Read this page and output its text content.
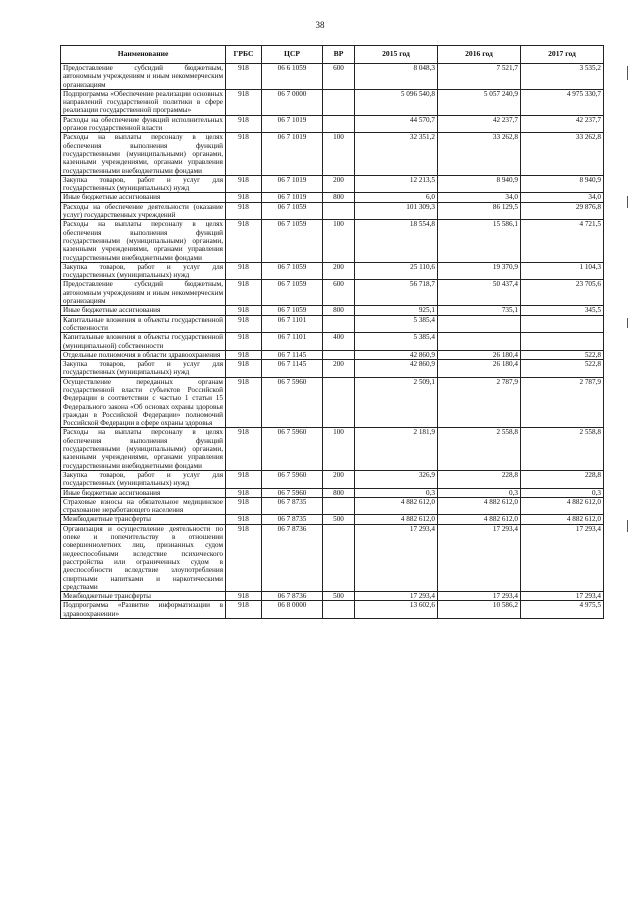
38
Наименование	ГРБС	ЦСР	ВР	2015 год	2016 год	2017 год
Предоставление субсидий бюджетным, автономным учреждениям и иным некоммерческим организациям	918	06 6 1059	600	8 048,3	7 521,7	3 535,2
Подпрограмма «Обеспечение реализации основных направлений государственной политики в сфере реализации государственной программы»	918	06 7 0000		5 096 540,8	5 057 240,9	4 975 330,7
Расходы на обеспечение функций исполнительных органов государственной власти	918	06 7 1019		44 570,7	42 237,7	42 237,7
Расходы на выплаты персоналу в целях обеспечения выполнения функций государственными (муниципальными) органами, казенными учреждениями, органами управления государственными внебюджетными фондами	918	06 7 1019	100	32 351,2	33 262,8	33 262,8
Закупка товаров, работ и услуг для государственных (муниципальных) нужд	918	06 7 1019	200	12 213,5	8 940,9	8 940,9
Иные бюджетные ассигнования	918	06 7 1019	800	6,0	34,0	34,0
Расходы на обеспечение деятельности (оказание услуг) государственных учреждений	918	06 7 1059		101 309,3	86 129,5	29 876,8
Расходы на выплаты персоналу в целях обеспечения выполнения функций государственными (муниципальными) органами, казенными учреждениями, органами управления государственными внебюджетными фондами	918	06 7 1059	100	18 554,8	15 586,1	4 721,5
Закупка товаров, работ и услуг для государственных (муниципальных) нужд	918	06 7 1059	200	25 110,6	19 370,9	1 104,3
Предоставление субсидий бюджетным, автономным учреждениям и иным некоммерческим организациям	918	06 7 1059	600	56 718,7	50 437,4	23 705,6
Иные бюджетные ассигнования	918	06 7 1059	800	925,1	735,1	345,5
Капитальные вложения в объекты государственной собственности	918	06 7 1101		5 385,4		
Капитальные вложения в объекты государственной (муниципальной) собственности	918	06 7 1101	400	5 385,4		
Отдельные полномочия в области здравоохранения	918	06 7 1145		42 860,9	26 180,4	522,8
Закупка товаров, работ и услуг для государственных (муниципальных) нужд	918	06 7 1145	200	42 860,9	26 180,4	522,8
Осуществление переданных органам государственной власти субъектов Российской Федерации в соответствии с частью 1 статьи 15 Федерального закона «Об основах охраны здоровья граждан в Российской Федерации» полномочий Российской Федерации в сфере охраны здоровья	918	06 7 5960		2 509,1	2 787,9	2 787,9
Расходы на выплаты персоналу в целях обеспечения выполнения функций государственными (муниципальными) органами, казенными учреждениями, органами управления государственными внебюджетными фондами	918	06 7 5960	100	2 181,9	2 558,8	2 558,8
Закупка товаров, работ и услуг для государственных (муниципальных) нужд	918	06 7 5960	200	326,9	228,8	228,8
Иные бюджетные ассигнования	918	06 7 5960	800	0,3	0,3	0,3
Страховые взносы на обязательное медицинское страхование неработающего населения	918	06 7 8735		4 882 612,0	4 882 612,0	4 882 612,0
Межбюджетные трансферты	918	06 7 8735	500	4 882 612,0	4 882 612,0	4 882 612,0
Организация и осуществление деятельности по опеке и попечительству в отношении совершеннолетних лиц, признанных судом недееспособными вследствие психического расстройства или ограниченных судом в дееспособности вследствие злоупотребления спиртными напитками и наркотическими средствами	918	06 7 8736		17 293,4	17 293,4	17 293,4
Межбюджетные трансферты	918	06 7 8736	500	17 293,4	17 293,4	17 293,4
Подпрограмма «Развитие информатизации в здравоохранении»	918	06 8 0000		13 602,6	10 586,2	4 975,5
